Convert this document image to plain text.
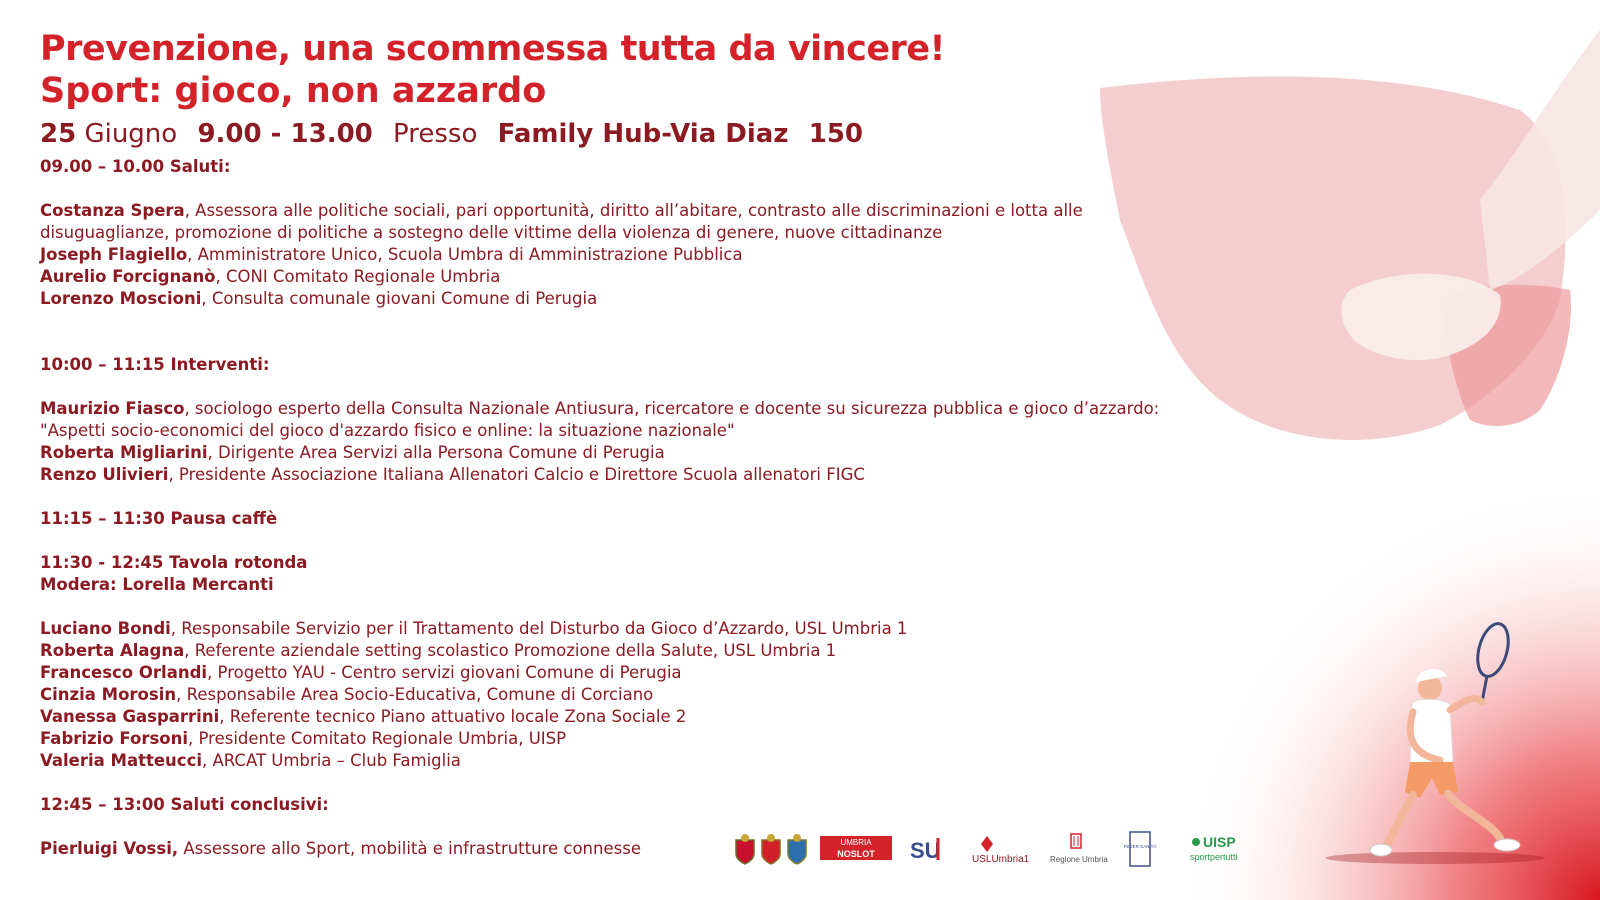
Prevenzione, una scommessa tutta da vincere!
Sport: gioco, non azzardo
25 Giugno 9.00 - 13.00 Presso Family Hub-Via Diaz 150
09.00 – 10.00 Saluti:
Costanza Spera, Assessora alle politiche sociali, pari opportunità, diritto all’abitare, contrasto alle discriminazioni e lotta alle disuguaglianze, promozione di politiche a sostegno delle vittime della violenza di genere, nuove cittadinanze
Joseph Flagiello, Amministratore Unico, Scuola Umbra di Amministrazione Pubblica
Aurelio Forcignanò, CONI Comitato Regionale Umbria
Lorenzo Moscioni, Consulta comunale giovani Comune di Perugia
10:00 – 11:15 Interventi:
Maurizio Fiasco, sociologo esperto della Consulta Nazionale Antiusura, ricercatore e docente su sicurezza pubblica e gioco d’azzardo: "Aspetti socio-economici del gioco d'azzardo fisico e online: la situazione nazionale"
Roberta Migliarini, Dirigente Area Servizi alla Persona Comune di Perugia
Renzo Ulivieri, Presidente Associazione Italiana Allenatori Calcio e Direttore Scuola allenatori FIGC
11:15 – 11:30 Pausa caffè
11:30 - 12:45 Tavola rotonda
Modera: Lorella Mercanti
Luciano Bondi, Responsabile Servizio per il Trattamento del Disturbo da Gioco d’Azzardo, USL Umbria 1
Roberta Alagna, Referente aziendale setting scolastico Promozione della Salute, USL Umbria 1
Francesco Orlandi, Progetto YAU - Centro servizi giovani Comune di Perugia
Cinzia Morosin, Responsabile Area Socio-Educativa, Comune di Corciano
Vanessa Gasparrini, Referente tecnico Piano attuativo locale Zona Sociale 2
Fabrizio Forsoni, Presidente Comitato Regionale Umbria, UISP
Valeria Matteucci, ARCAT Umbria – Club Famiglia
12:45 – 13:00 Saluti conclusivi:
Pierluigi Vossi, Assessore allo Sport, mobilità e infrastrutture connesse	UMBRIA
NOSLOT SU	USLUmbria1	Regione Umbria
FEDER SANITÀ	UISP
sportpertutti
